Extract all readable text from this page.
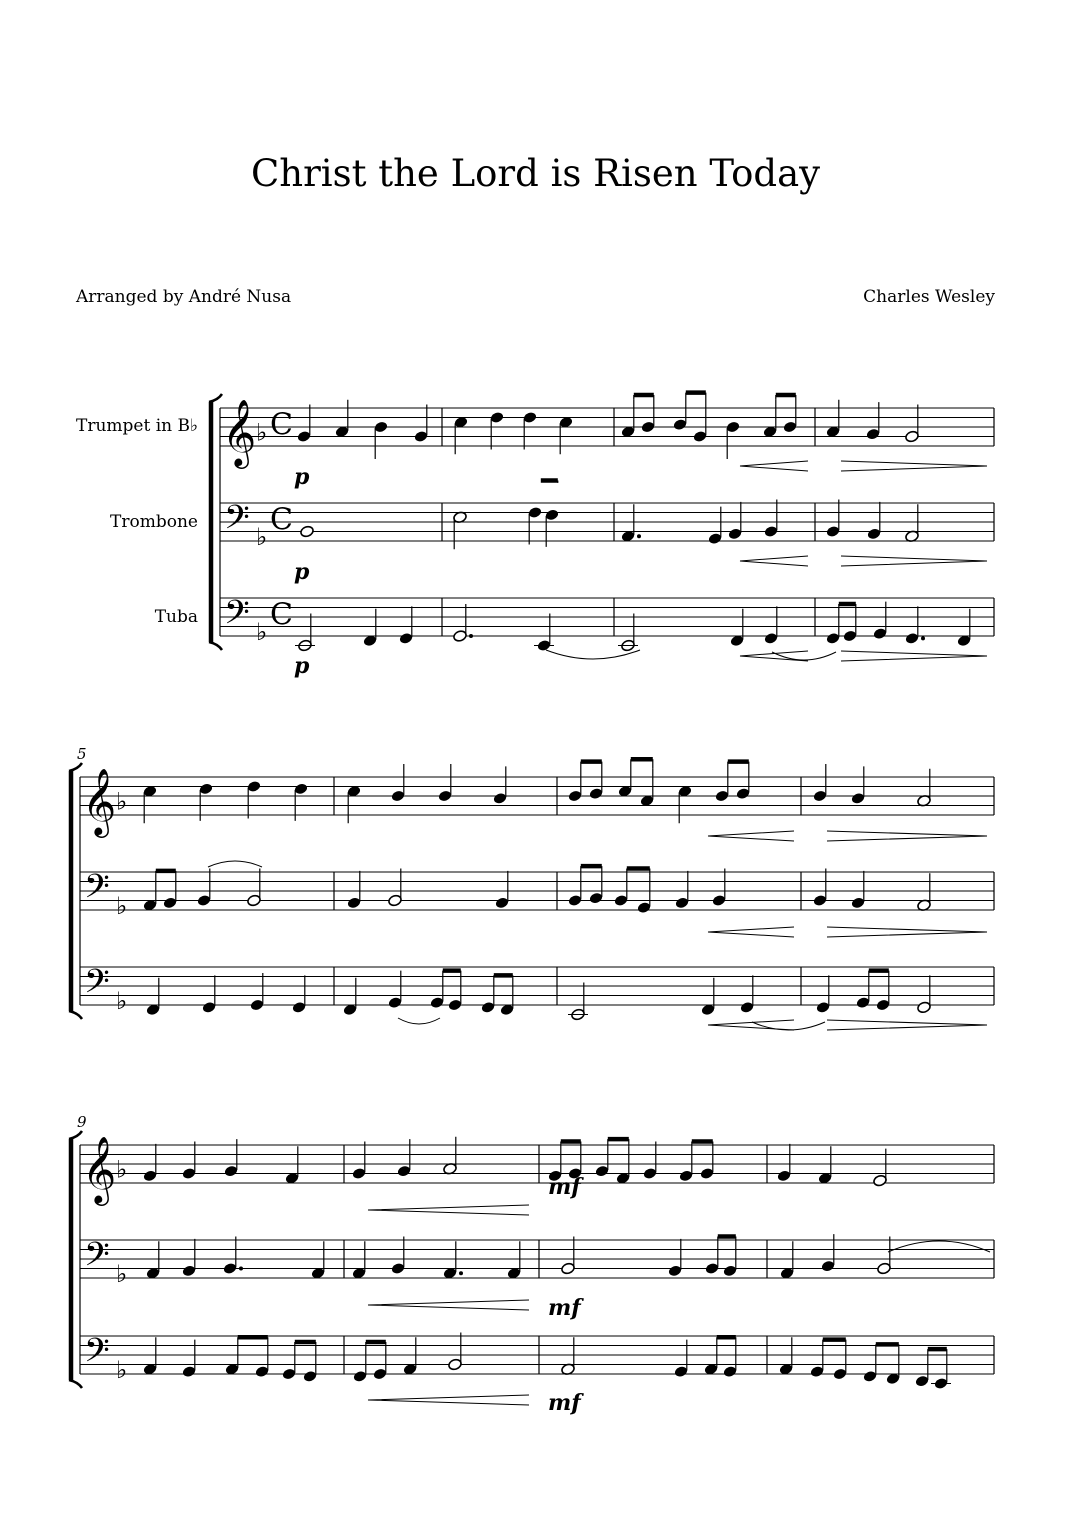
Christ the Lord is Risen Today
Arranged by André Nusa	Charles Wesley
Trumpet in B♭
Trombone
Tuba
5
9
𝄞 ♭ C
𝄢 ♭ C
𝄢 ♭ C
𝄞 ♭
𝄢 ♭
𝄢 ♭
𝄞 ♭
𝄢 ♭
𝄢 ♭
p
p
p
mf
mf
mf
